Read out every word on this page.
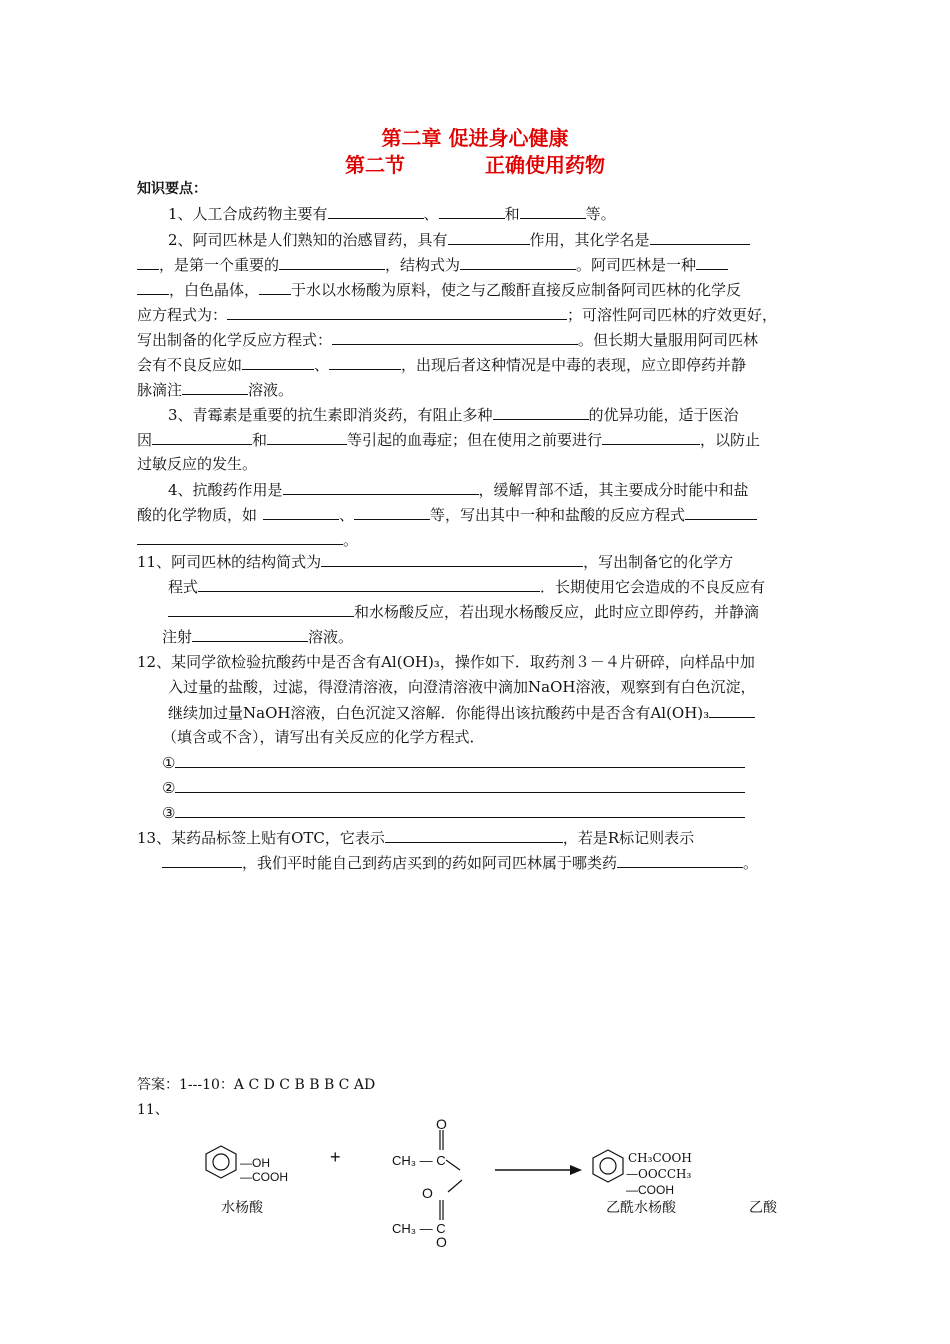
第二章 促进身心健康
第二节	正确使用药物
知识要点：
1、人工合成药物主要有	、	和	等。
2、阿司匹林是人们熟知的治感冒药，具有	作用，其化学名是
，是第一个重要的	，结构式为	。阿司匹林是一种
，白色晶体， 于水以水杨酸为原料，使之与乙酸酐直接反应制备阿司匹林的化学反
应方程式为：	；可溶性阿司匹林的疗效更好，
写出制备的化学反应方程式：	。但长期大量服用阿司匹林
会有不良反应如	、	，出现后者这种情况是中毒的表现，应立即停药并静
脉滴注	溶液。
3、青霉素是重要的抗生素即消炎药，有阻止多种	的优异功能，适于医治
因	和	等引起的血毒症；但在使用之前要进行	，以防止
过敏反应的发生。
4、抗酸药作用是	，缓解胃部不适，其主要成分时能中和盐
酸的化学物质，如	、	等，写出其中一种和盐酸的反应方程式
。
11、阿司匹林的结构简式为	，写出制备它的化学方
程式	．长期使用它会造成的不良反应有
和水杨酸反应，若出现水杨酸反应，此时应立即停药，并静滴
注射	溶液。
12、某同学欲检验抗酸药中是否含有Al(OH)₃，操作如下．取药剂３－４片研碎，向样品中加
入过量的盐酸，过滤，得澄清溶液，向澄清溶液中滴加NaOH溶液，观察到有白色沉淀，
继续加过量NaOH溶液，白色沉淀又溶解．你能得出该抗酸药中是否含有Al(OH)₃
（填含或不含），请写出有关反应的化学方程式．
①
②
③
13、某药品标签上贴有OTC，它表示	，若是R标记则表示
，我们平时能自己到药店买到的药如阿司匹林属于哪类药	。
答案：1---10：A C D C B B B C AD
11、
—OH
—COOH
+
O
CH₃ — C
O
CH₃ — C
O
CH₃COOH
—OOCCH₃
—COOH
水杨酸	乙酰水杨酸	乙酸
